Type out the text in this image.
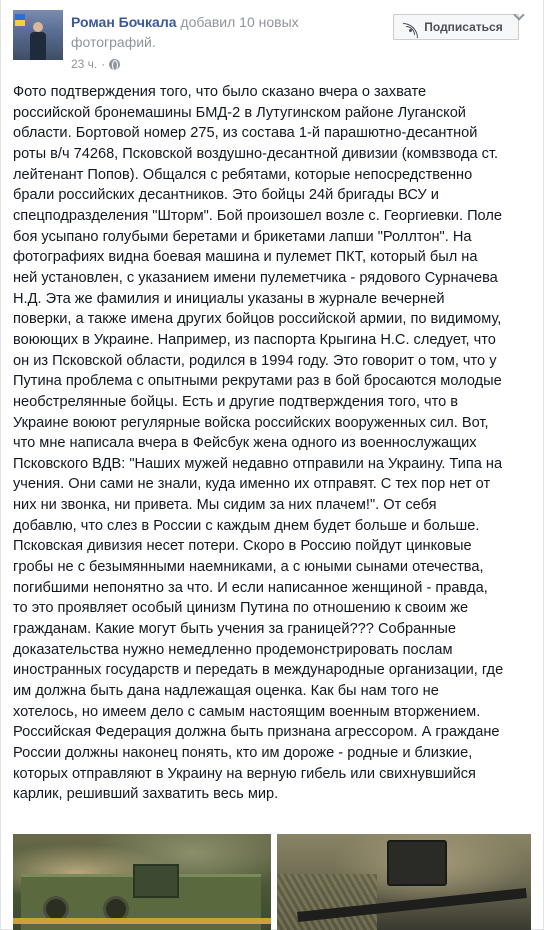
Роман Бочкала добавил 10 новых фотографий.
23 ч. ·
Подписаться
Фото подтверждения того, что было сказано вчера о захвате
российской бронемашины БМД-2 в Лутугинском районе Луганской
области. Бортовой номер 275, из состава 1-й парашютно-десантной
роты в/ч 74268, Псковской воздушно-десантной дивизии (комвзвода ст.
лейтенант Попов). Общался с ребятами, которые непосредственно
брали российских десантников. Это бойцы 24й бригады ВСУ и
спецподразделения "Шторм". Бой произошел возле с. Георгиевки. Поле
боя усыпано голубыми беретами и брикетами лапши "Роллтон". На
фотографиях видна боевая машина и пулемет ПКТ, который был на
ней установлен, с указанием имени пулеметчика - рядового Сурначева
Н.Д. Эта же фамилия и инициалы указаны в журнале вечерней
поверки, а также имена других бойцов российской армии, по видимому,
воюющих в Украине. Например, из паспорта Крыгина Н.С. следует, что
он из Псковской области, родился в 1994 году. Это говорит о том, что у
Путина проблема с опытными рекрутами раз в бой бросаются молодые
необстрелянные бойцы. Есть и другие подтверждения того, что в
Украине воюют регулярные войска российских вооруженных сил. Вот,
что мне написала вчера в Фейсбук жена одного из военнослужащих
Псковского ВДВ: "Наших мужей недавно отправили на Украину. Типа на
учения. Они сами не знали, куда именно их отправят. С тех пор нет от
них ни звонка, ни привета. Мы сидим за них плачем!". От себя
добавлю, что слез в России с каждым днем будет больше и больше.
Псковская дивизия несет потери. Скоро в Россию пойдут цинковые
гробы не с безымянными наемниками, а с юными сынами отечества,
погибшими непонятно за что. И если написанное женщиной - правда,
то это проявляет особый цинизм Путина по отношению к своим же
гражданам. Какие могут быть учения за границей??? Собранные
доказательства нужно немедленно продемонстрировать послам
иностранных государств и передать в международные организации, где
им должна быть дана надлежащая оценка. Как бы нам того не
хотелось, но имеем дело с самым настоящим военным вторжением.
Российская Федерация должна быть признана агрессором. А граждане
России должны наконец понять, кто им дороже - родные и близкие,
которых отправляют в Украину на верную гибель или свихнувшийся
карлик, решивший захватить весь мир.
